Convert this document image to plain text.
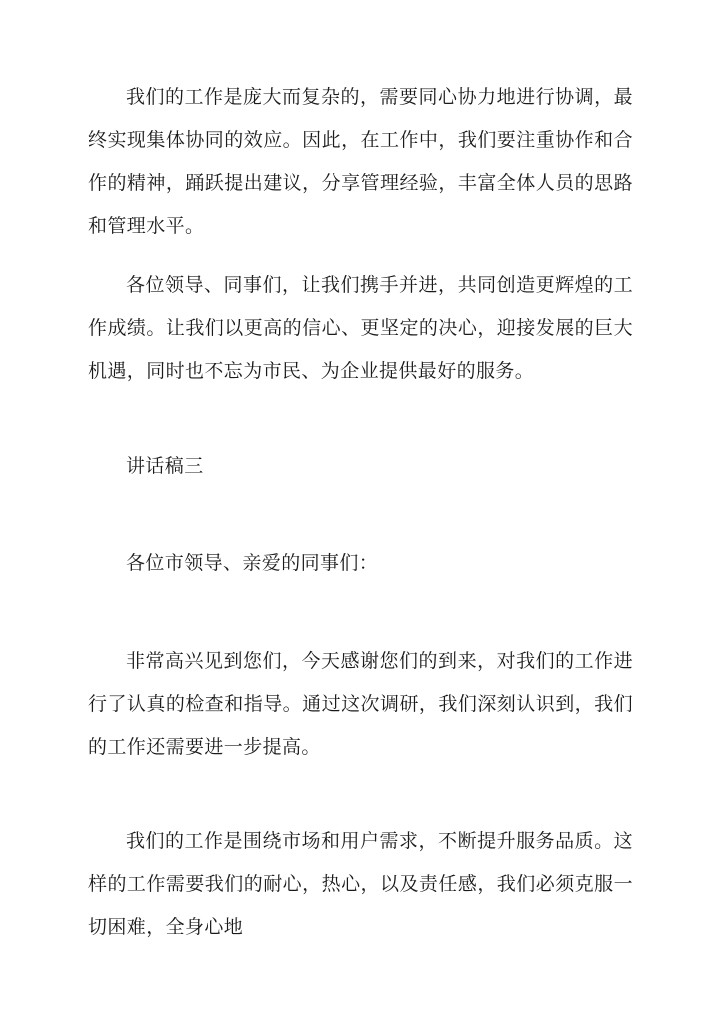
我们的工作是庞大而复杂的，需要同心协力地进行协调，最终实现集体协同的效应。因此，在工作中，我们要注重协作和合作的精神，踊跃提出建议，分享管理经验，丰富全体人员的思路和管理水平。

各位领导、同事们，让我们携手并进，共同创造更辉煌的工作成绩。让我们以更高的信心、更坚定的决心，迎接发展的巨大机遇，同时也不忘为市民、为企业提供最好的服务。

讲话稿三

各位市领导、亲爱的同事们：

非常高兴见到您们，今天感谢您们的到来，对我们的工作进行了认真的检查和指导。通过这次调研，我们深刻认识到，我们的工作还需要进一步提高。

我们的工作是围绕市场和用户需求，不断提升服务品质。这样的工作需要我们的耐心，热心，以及责任感，我们必须克服一切困难，全身心地
